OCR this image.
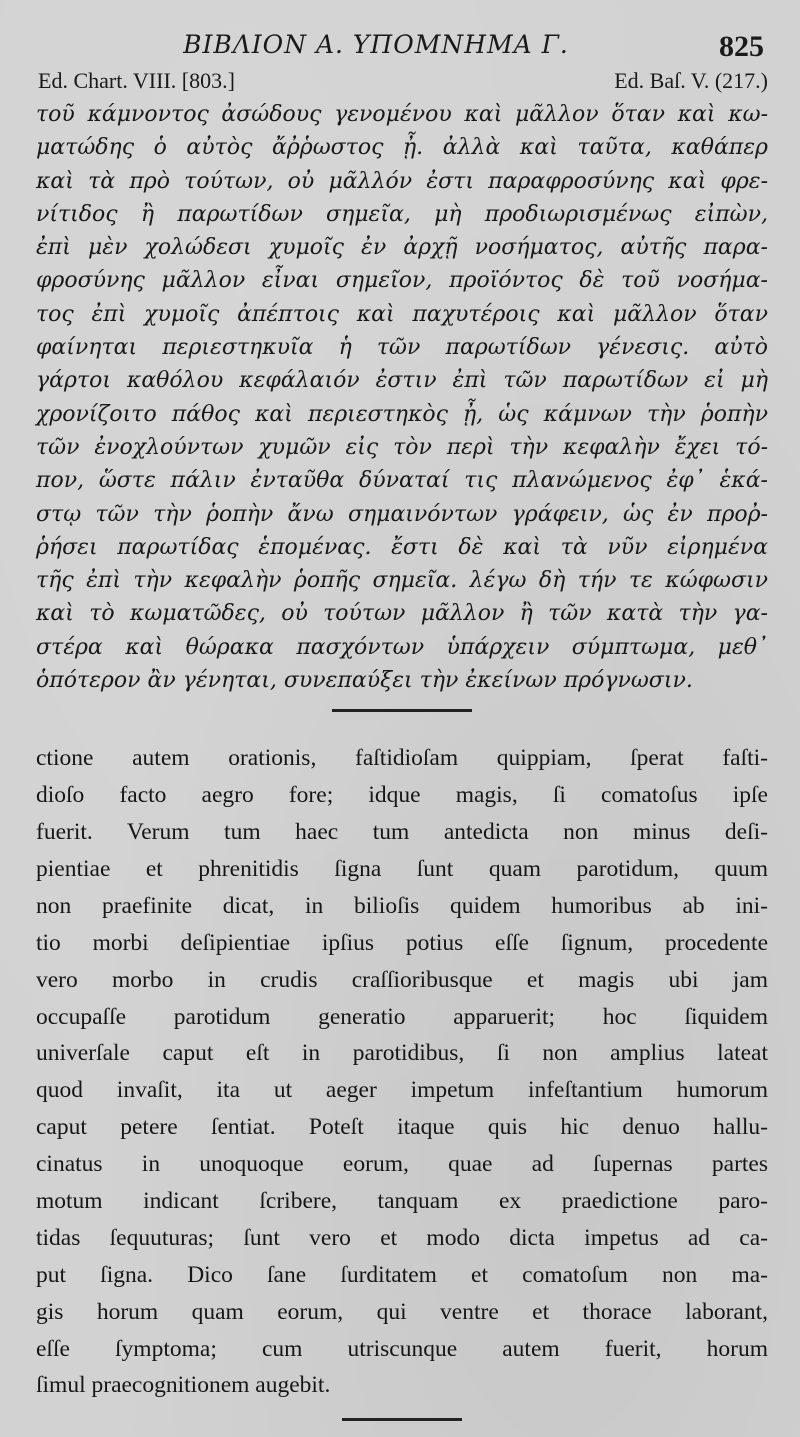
ΒΙΒΛΙΟΝ Α. ΥΠΟΜΝΗΜΑ Γ.	825
Ed. Chart. VIII. [803.]	Ed. Baſ. V. (217.)
τοῦ κάμνοντος ἀσώδους γενομένου καὶ μᾶλλον ὅταν καὶ κω-
ματώδης ὁ αὐτὸς ἄῤῥωστος ᾖ. ἀλλὰ καὶ ταῦτα, καθάπερ
καὶ τὰ πρὸ τούτων, οὐ μᾶλλόν ἐστι παραφροσύνης καὶ φρε-
νίτιδος ἢ παρωτίδων σημεῖα, μὴ προδιωρισμένως εἰπὼν,
ἐπὶ μὲν χολώδεσι χυμοῖς ἐν ἀρχῇ νοσήματος, αὐτῆς παρα-
φροσύνης μᾶλλον εἶναι σημεῖον, προϊόντος δὲ τοῦ νοσήμα-
τος ἐπὶ χυμοῖς ἀπέπτοις καὶ παχυτέροις καὶ μᾶλλον ὅταν
φαίνηται περιεστηκυῖα ἡ τῶν παρωτίδων γένεσις. αὐτὸ
γάρτοι καθόλου κεφάλαιόν ἐστιν ἐπὶ τῶν παρωτίδων εἰ μὴ
χρονίζοιτο πάθος καὶ περιεστηκὸς ᾖ, ὡς κάμνων τὴν ῥοπὴν
τῶν ἐνοχλούντων χυμῶν εἰς τὸν περὶ τὴν κεφαλὴν ἔχει τό-
πον, ὥστε πάλιν ἐνταῦθα δύναταί τις πλανώμενος ἐφ᾽ ἑκά-
στῳ τῶν τὴν ῥοπὴν ἄνω σημαινόντων γράφειν, ὡς ἐν προῤ-
ῥήσει παρωτίδας ἑπομένας. ἔστι δὲ καὶ τὰ νῦν εἰρημένα
τῆς ἐπὶ τὴν κεφαλὴν ῥοπῆς σημεῖα. λέγω δὴ τήν τε κώφωσιν
καὶ τὸ κωματῶδες, οὐ τούτων μᾶλλον ἢ τῶν κατὰ τὴν γα-
στέρα καὶ θώρακα πασχόντων ὑπάρχειν σύμπτωμα, μεθ᾽
ὁπότερον ἂν γένηται, συνεπαύξει τὴν ἐκείνων πρόγνωσιν.
ctione autem orationis, faſtidioſam quippiam, ſperat faſti-
dioſo facto aegro fore; idque magis, ſi comatoſus ipſe
fuerit. Verum tum haec tum antedicta non minus deſi-
pientiae et phrenitidis ſigna ſunt quam parotidum, quum
non praefinite dicat, in bilioſis quidem humoribus ab ini-
tio morbi deſipientiae ipſius potius eſſe ſignum, procedente
vero morbo in crudis craſſioribusque et magis ubi jam
occupaſſe parotidum generatio apparuerit; hoc ſiquidem
univerſale caput eſt in parotidibus, ſi non amplius lateat
quod invaſit, ita ut aeger impetum infeſtantium humorum
caput petere ſentiat. Poteſt itaque quis hic denuo hallu-
cinatus in unoquoque eorum, quae ad ſupernas partes
motum indicant ſcribere, tanquam ex praedictione paro-
tidas ſequuturas; ſunt vero et modo dicta impetus ad ca-
put ſigna. Dico ſane ſurditatem et comatoſum non ma-
gis horum quam eorum, qui ventre et thorace laborant,
eſſe ſymptoma; cum utriscunque autem fuerit, horum
ſimul praecognitionem augebit.
